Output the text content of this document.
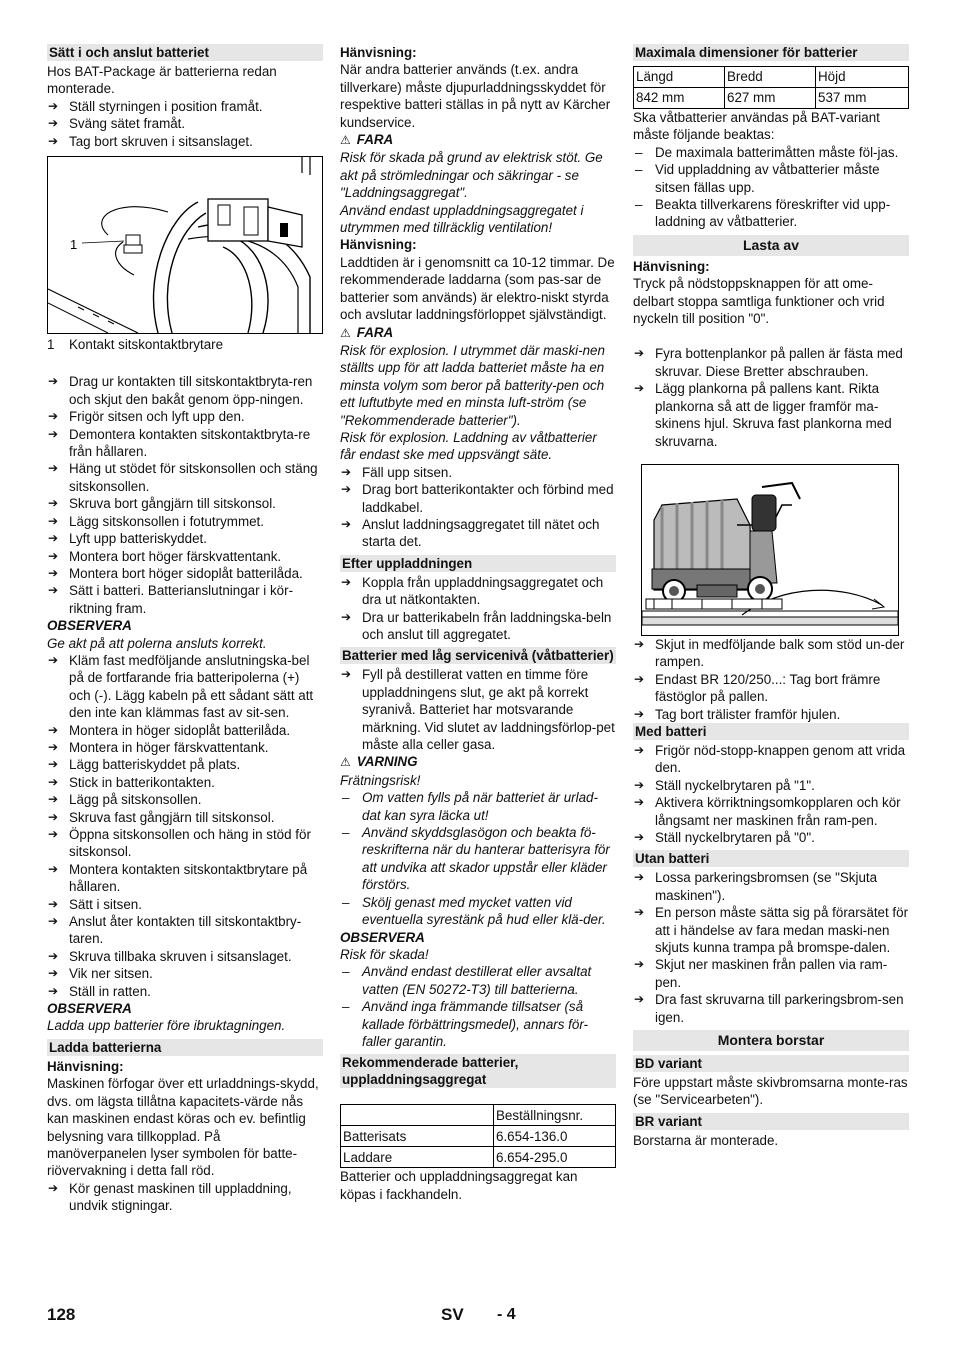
Sätt i och anslut batteriet
Hos BAT-Package är batterierna redan monterade.
➔ Ställ styrningen i position framåt.
➔ Sväng sätet framåt.
➔ Tag bort skruven i sitsanslaget.
1
1	Kontakt sitskontaktbrytare
➔ Drag ur kontakten till sitskontaktbryta-ren och skjut den bakåt genom öpp-ningen.
➔ Frigör sitsen och lyft upp den.
➔ Demontera kontakten sitskontaktbryta-re från hållaren.
➔ Häng ut stödet för sitskonsollen och stäng sitskonsollen.
➔ Skruva bort gångjärn till sitskonsol.
➔ Lägg sitskonsollen i fotutrymmet.
➔ Lyft upp batteriskyddet.
➔ Montera bort höger färskvattentank.
➔ Montera bort höger sidoplåt batterilåda.
➔ Sätt i batteri. Batterianslutningar i kör-riktning fram.
OBSERVERA
Ge akt på att polerna ansluts korrekt.
➔ Kläm fast medföljande anslutningska-bel på de fortfarande fria batteripolerna (+) och (-). Lägg kabeln på ett sådant sätt att den inte kan klämmas fast av sit-sen.
➔ Montera in höger sidoplåt batterilåda.
➔ Montera in höger färskvattentank.
➔ Lägg batteriskyddet på plats.
➔ Stick in batterikontakten.
➔ Lägg på sitskonsollen.
➔ Skruva fast gångjärn till sitskonsol.
➔ Öppna sitskonsollen och häng in stöd för sitskonsol.
➔ Montera kontakten sitskontaktbrytare på hållaren.
➔ Sätt i sitsen.
➔ Anslut åter kontakten till sitskontaktbry-taren.
➔ Skruva tillbaka skruven i sitsanslaget.
➔ Vik ner sitsen.
➔ Ställ in ratten.
OBSERVERA
Ladda upp batterier före ibruktagningen.
Ladda batterierna
Hänvisning:
Maskinen förfogar över ett urladdnings-skydd, dvs. om lägsta tillåtna kapacitets-värde nås kan maskinen endast köras och ev. befintlig belysning vara tillkopplad. På manöverpanelen lyser symbolen för batte-riövervakning i detta fall röd.
➔ Kör genast maskinen till uppladdning, undvik stigningar.
Hänvisning:
När andra batterier används (t.ex. andra tillverkare) måste djupurladdningsskyddet för respektive batteri ställas in på nytt av Kärcher kundservice.
⚠ FARA
Risk för skada på grund av elektrisk stöt. Ge akt på strömledningar och säkringar - se "Laddningsaggregat".
Använd endast uppladdningsaggregatet i utrymmen med tillräcklig ventilation!
Hänvisning:
Laddtiden är i genomsnitt ca 10-12 timmar. De rekommenderade laddarna (som pas-sar de batterier som används) är elektro-niskt styrda och avslutar laddningsförloppet självständigt.
⚠ FARA
Risk för explosion. I utrymmet där maski-nen ställts upp för att ladda batteriet måste ha en minsta volym som beror på batterity-pen och ett luftutbyte med en minsta luft-ström (se "Rekommenderade batterier").
Risk för explosion. Laddning av våtbatterier får endast ske med uppsvängt säte.
➔ Fäll upp sitsen.
➔ Drag bort batterikontakter och förbind med laddkabel.
➔ Anslut laddningsaggregatet till nätet och starta det.
Efter uppladdningen
➔ Koppla från uppladdningsaggregatet och dra ut nätkontakten.
➔ Dra ur batterikabeln från laddningska-beln och anslut till aggregatet.
Batterier med låg servicenivå (våtbatterier)
➔ Fyll på destillerat vatten en timme före uppladdningens slut, ge akt på korrekt syranivå. Batteriet har motsvarande märkning. Vid slutet av laddningsförlop-pet måste alla celler gasa.
⚠ VARNING
Frätningsrisk!
– Om vatten fylls på när batteriet är urlad-dat kan syra läcka ut!
– Använd skyddsglasögon och beakta fö-reskrifterna när du hanterar batterisyra för att undvika att skador uppstår eller kläder förstörs.
– Skölj genast med mycket vatten vid eventuella syrestänk på hud eller klä-der.
OBSERVERA
Risk för skada!
– Använd endast destillerat eller avsaltat vatten (EN 50272-T3) till batterierna.
– Använd inga främmande tillsatser (så kallade förbättringsmedel), annars för-faller garantin.
Rekommenderade batterier, uppladdningsaggregat
	Beställningsnr.
Batterisats	6.654-136.0
Laddare	6.654-295.0
Batterier och uppladdningsaggregat kan köpas i fackhandeln.
Maximala dimensioner för batterier
Längd	Bredd	Höjd
842 mm	627 mm	537 mm
Ska våtbatterier användas på BAT-variant måste följande beaktas:
– De maximala batterimåtten måste föl-jas.
– Vid uppladdning av våtbatterier måste sitsen fällas upp.
– Beakta tillverkarens föreskrifter vid upp-laddning av våtbatterier.
Lasta av
Hänvisning:
Tryck på nödstoppsknappen för att ome-delbart stoppa samtliga funktioner och vrid nyckeln till position "0".
➔ Fyra bottenplankor på pallen är fästa med skruvar. Diese Bretter abschrauben.
➔ Lägg plankorna på pallens kant. Rikta plankorna så att de ligger framför ma-skinens hjul. Skruva fast plankorna med skruvarna.
➔ Skjut in medföljande balk som stöd un-der rampen.
➔ Endast BR 120/250...: Tag bort främre fästöglor på pallen.
➔ Tag bort trälister framför hjulen.
Med batteri
➔ Frigör nöd-stopp-knappen genom att vrida den.
➔ Ställ nyckelbrytaren på "1".
➔ Aktivera körriktningsomkopplaren och kör långsamt ner maskinen från ram-pen.
➔ Ställ nyckelbrytaren på "0".
Utan batteri
➔ Lossa parkeringsbromsen (se "Skjuta maskinen").
➔ En person måste sätta sig på förarsätet för att i händelse av fara medan maski-nen skjuts kunna trampa på bromspe-dalen.
➔ Skjut ner maskinen från pallen via ram-pen.
➔ Dra fast skruvarna till parkeringsbrom-sen igen.
Montera borstar
BD variant
Före uppstart måste skivbromsarna monte-ras (se "Servicearbeten").
BR variant
Borstarna är monterade.
128	SV - 4
